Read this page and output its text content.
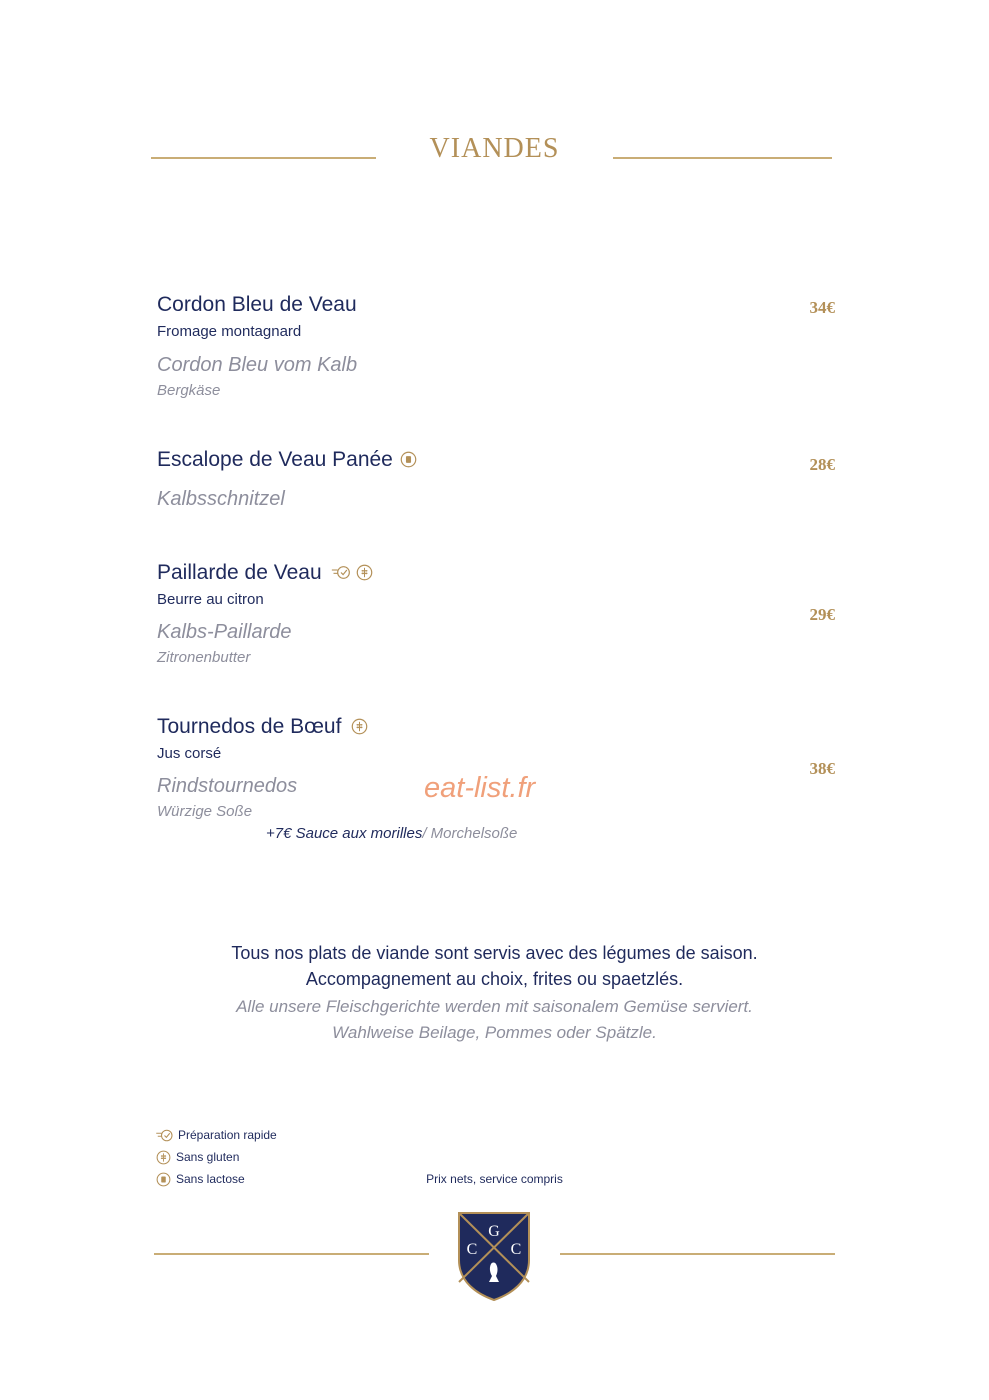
VIANDES
Cordon Bleu de Veau
Fromage montagnard
Cordon Bleu vom Kalb
Bergkäse
34€
Escalope de Veau Panée
Kalbsschnitzel
28€
Paillarde de Veau

Beurre au citron
Kalbs-Paillarde
Zitronenbutter
29€
Tournedos de Bœuf
Jus corsé
Rindstournedos
Würzige Soße
38€
+7€ Sauce aux morilles/ Morchelsoße
eat-list.fr
Tous nos plats de viande sont servis avec des légumes de saison.
Accompagnement au choix, frites ou spaetzlés.
Alle unsere Fleischgerichte werden mit saisonalem Gemüse serviert.
Wahlweise Beilage, Pommes oder Spätzle.
Préparation rapide
Sans gluten
Sans lactose	Prix nets, service compris
G
C C
